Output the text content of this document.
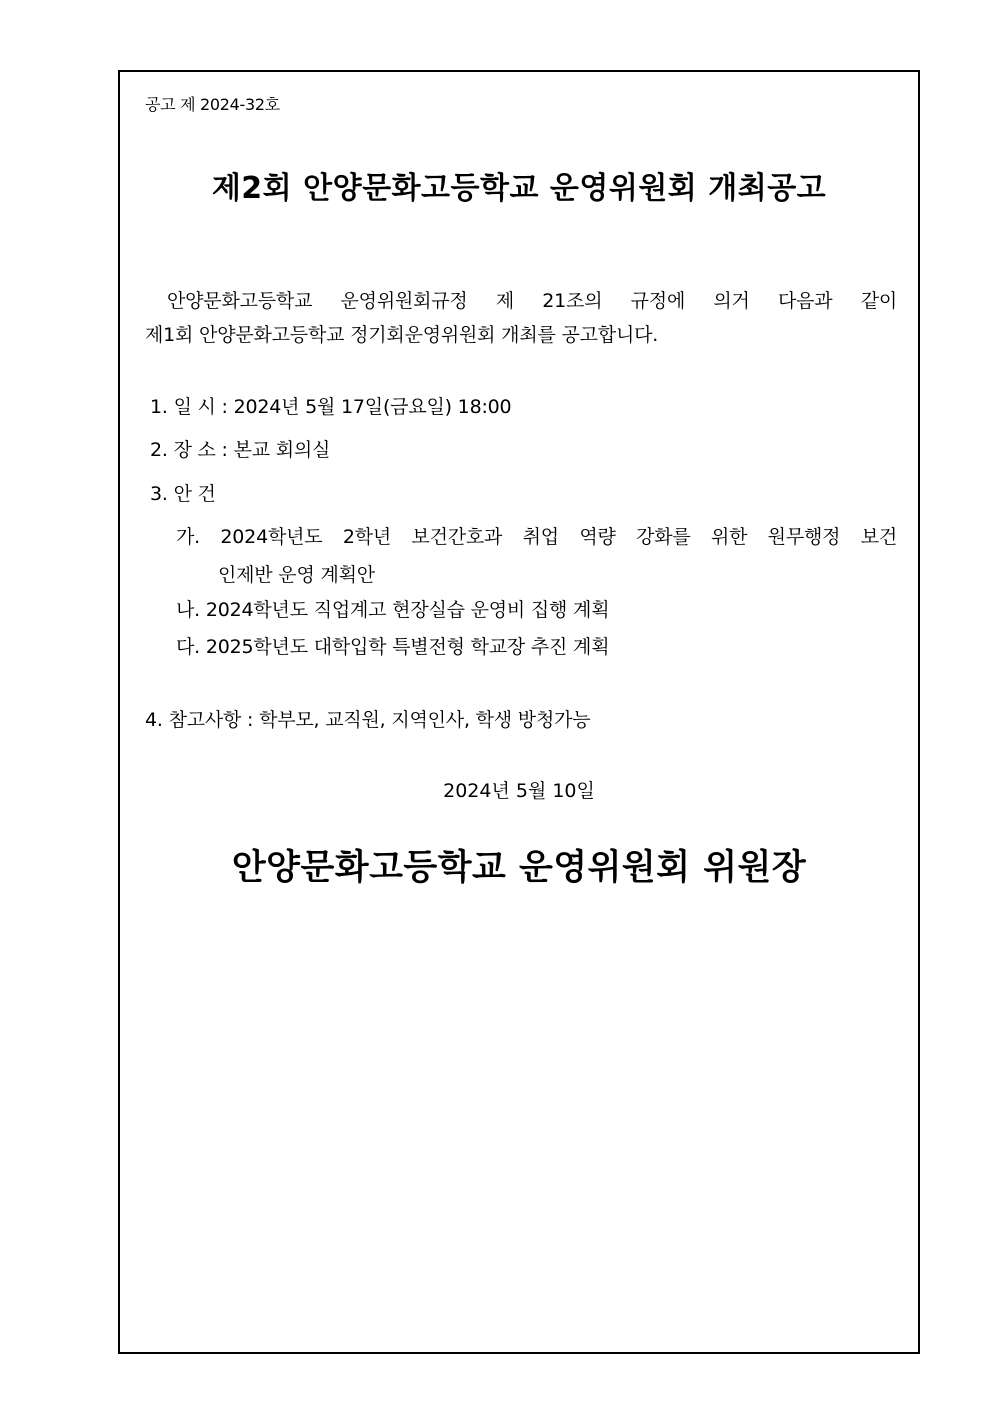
공고 제 2024-32호
제2회 안양문화고등학교 운영위원회 개최공고
안양문화고등학교 운영위원회규정 제 21조의 규정에 의거 다음과 같이
제1회 안양문화고등학교 정기회운영위원회 개최를 공고합니다.
1. 일 시 : 2024년 5월 17일(금요일) 18:00
2. 장 소 : 본교 회의실
3. 안 건
가. 2024학년도 2학년 보건간호과 취업 역량 강화를 위한 원무행정 보건
인제반 운영 계획안
나. 2024학년도 직업계고 현장실습 운영비 집행 계획
다. 2025학년도 대학입학 특별전형 학교장 추진 계획
4. 참고사항 : 학부모, 교직원, 지역인사, 학생 방청가능
2024년 5월 10일
안양문화고등학교 운영위원회 위원장
